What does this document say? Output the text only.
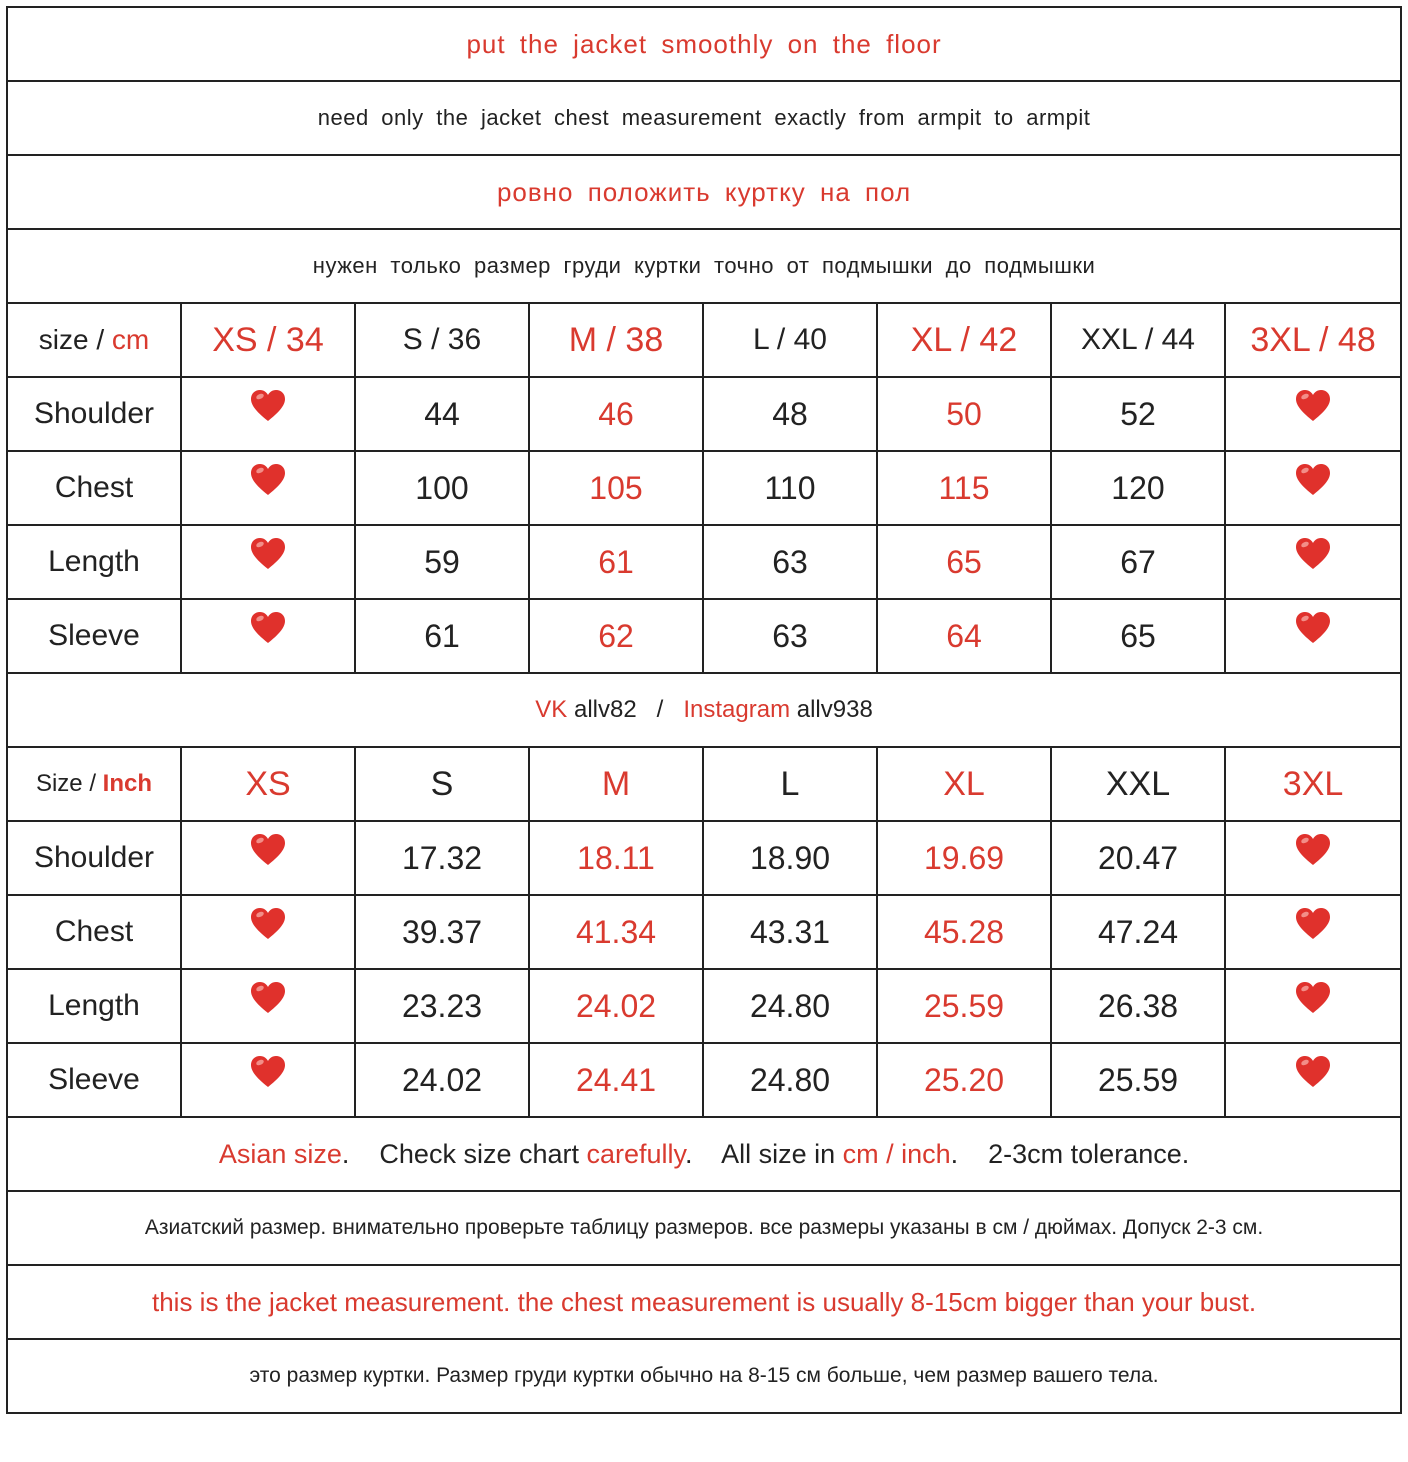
put the jacket smoothly on the floor							
need only the jacket chest measurement exactly from armpit to armpit							
ровно положить куртку на пол							
нужен только размер груди куртки точно от подмышки до подмышки							
size / cm	XS / 34	S / 36	M / 38	L / 40	XL / 42	XXL / 44	3XL / 48
Shoulder		44	46	48	50	52	

Chest		100	105	110	115	120	

Length		59	61	63	65	67	

Sleeve		61	62	63	64	65	

VK allv82   /   Instagram allv938							
Size / Inch	XS	S	M	L	XL	XXL	3XL
Shoulder		17.32	18.11	18.90	19.69	20.47	

Chest		39.37	41.34	43.31	45.28	47.24	

Length		23.23	24.02	24.80	25.59	26.38	

Sleeve		24.02	24.41	24.80	25.20	25.59	

Asian size.    Check size chart carefully.    All size in cm / inch.    2-3cm tolerance.							
Азиатский размер. внимательно проверьте таблицу размеров. все размеры указаны в см / дюймах. Допуск 2-3 см.							
this is the jacket measurement. the chest measurement is usually 8-15cm bigger than your bust.							
это размер куртки. Размер груди куртки обычно на 8-15 см больше, чем размер вашего тела.							
